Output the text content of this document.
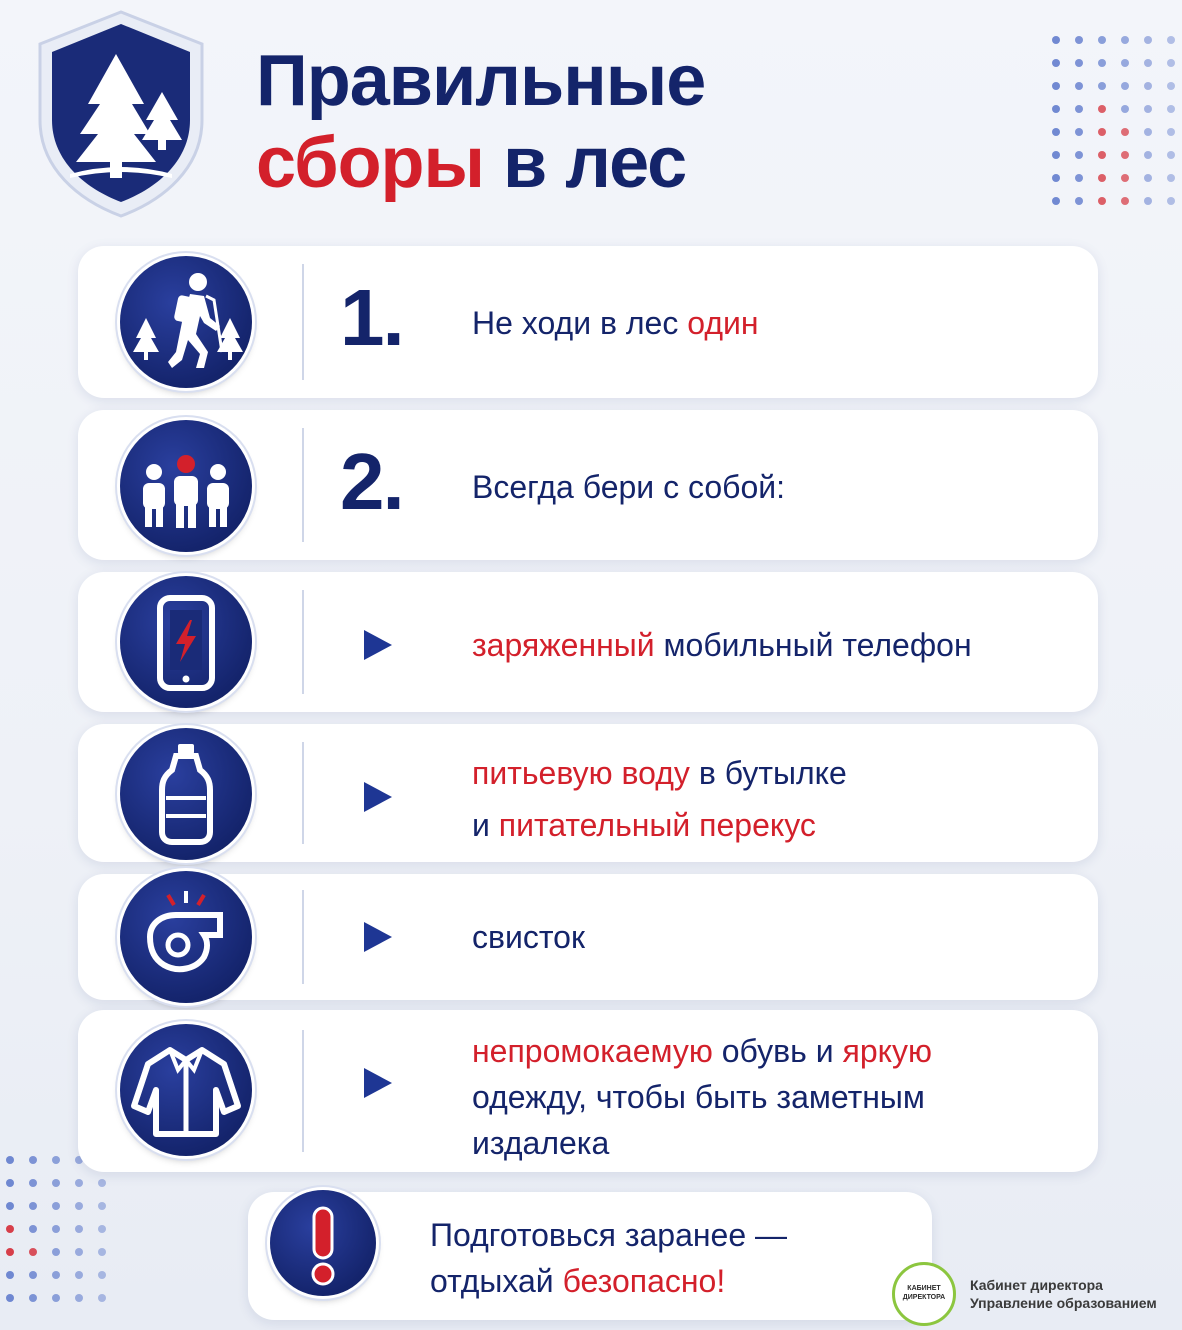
Правильные
сборы в лес
1. Не ходи в лес один
2. Всегда бери с собой:
заряженный мобильный телефон
питьевую воду в бутылке
и питательный перекус
свисток
непромокаемую обувь и яркую
одежду, чтобы быть заметным
издалека
Подготовься заранее —
отдыхай безопасно!	КАБИНЕТ
ДИРЕКТОРА
Кабинет директора
Управление образованием
